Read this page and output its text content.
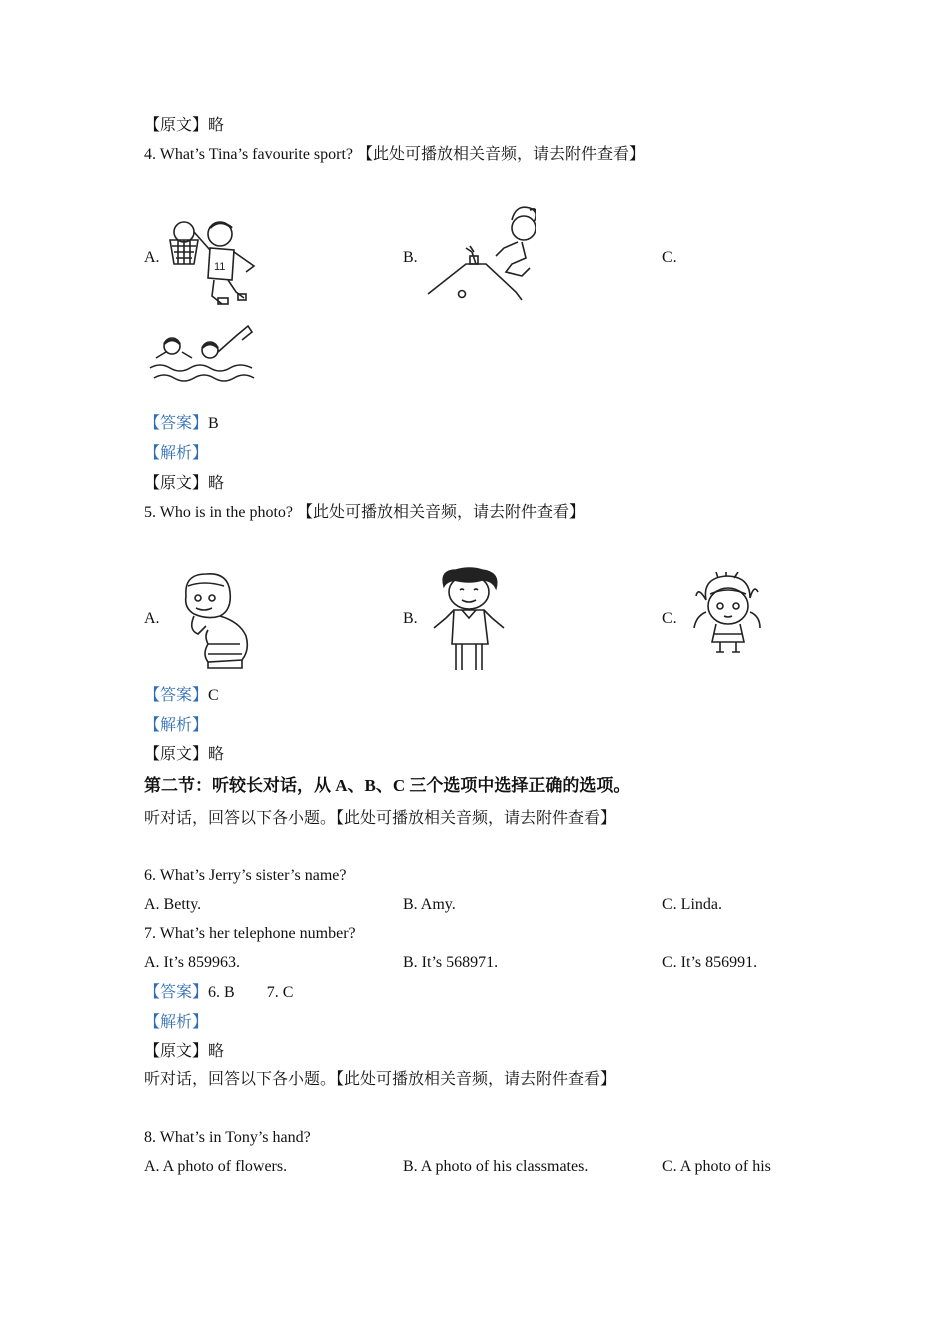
【原文】略
4. What’s Tina’s favourite sport? 【此处可播放相关音频，请去附件查看】
A.
11
B.	C.
【答案】B
【解析】
【原文】略
5. Who is in the photo? 【此处可播放相关音频，请去附件查看】
A.	B.	C.
【答案】C
【解析】
【原文】略
第二节：听较长对话，从 A、B、C 三个选项中选择正确的选项。
听对话，回答以下各小题。【此处可播放相关音频，请去附件查看】
6. What’s Jerry’s sister’s name?
A. Betty.	B. Amy.	C. Linda.
7. What’s her telephone number?
A. It’s 859963.	B. It’s 568971.	C. It’s 856991.
【答案】6. B        7. C
【解析】
【原文】略
听对话，回答以下各小题。【此处可播放相关音频，请去附件查看】
8. What’s in Tony’s hand?
A. A photo of flowers.	B. A photo of his classmates.	C. A photo of his
